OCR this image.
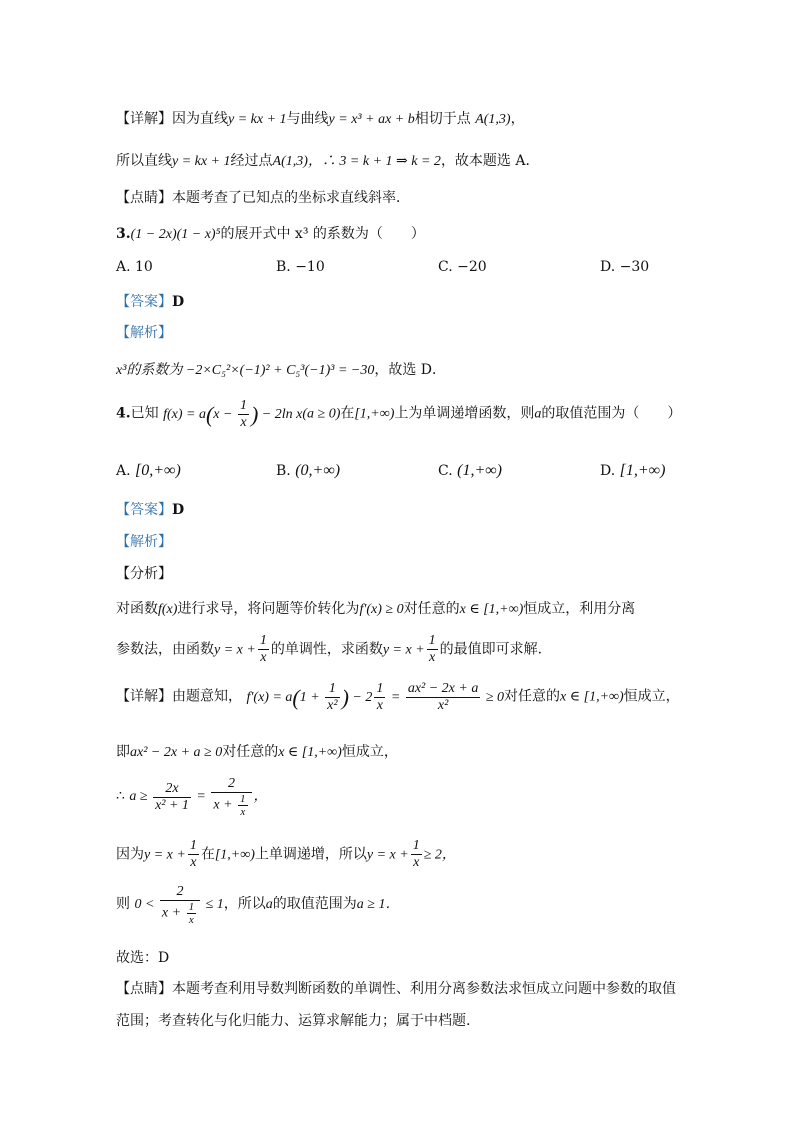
【详解】因为直线y = kx + 1与曲线y = x³ + ax + b相切于点 A(1,3)，
所以直线y = kx + 1经过点A(1,3)，∴ 3 = k + 1 ⇒ k = 2，故本题选 A．
【点睛】本题考查了已知点的坐标求直线斜率．
3.(1 − 2x)(1 − x)⁵的展开式中 x³ 的系数为（　　）
A. 10	B. −10	C. −20	D. −30
【答案】D
【解析】
x³的系数为 −2×C₅²×(−1)² + C₅³(−1)³ = −30，故选 D．
4.已知 $f(x) = a(x - \frac{1}{x}$ ) − 2ln x(a ≥ 0)在[1,+∞)上为单调递增函数，则a的取值范围为（　　）
A. [0,+∞)	B. (0,+∞)	C. (1,+∞)	D. [1,+∞)
【答案】D
【解析】
【分析】
对函数f(x)进行求导，将问题等价转化为f′(x) ≥ 0对任意的x ∈ [1,+∞)恒成立，利用分离
参数法，由函数$y = x + \frac{1}{x}$ 的单调性，求函数$y = x + \frac{1}{x}$ 的最值即可求解.
【详解】由题意知， $f'(x) = a(1 + \frac{1}{\text{x²}}$ ) − $2 \frac{1}{x} = \frac{\text{ax² − 2x + a}}{\text{x²}} \ge 0$对任意的x ∈ [1,+∞)恒成立，
即ax² − 2x + a ≥ 0对任意的x ∈ [1,+∞)恒成立，
∴ $a \ge \frac{2x}{\text{x² + 1}} = \frac{2}{x + \frac{1}{x}}$ ，
因为$y = x + \frac{1}{x}$ 在[1,+∞)上单调递增，所以$y = x + \frac{1}{x} \ge 2$，
则 $0 < \frac{2}{x + \frac{1}{x}} \le 1$，所以a的取值范围为a ≥ 1．
故选：D
【点睛】本题考查利用导数判断函数的单调性、利用分离参数法求恒成立问题中参数的取值
范围；考查转化与化归能力、运算求解能力；属于中档题.
